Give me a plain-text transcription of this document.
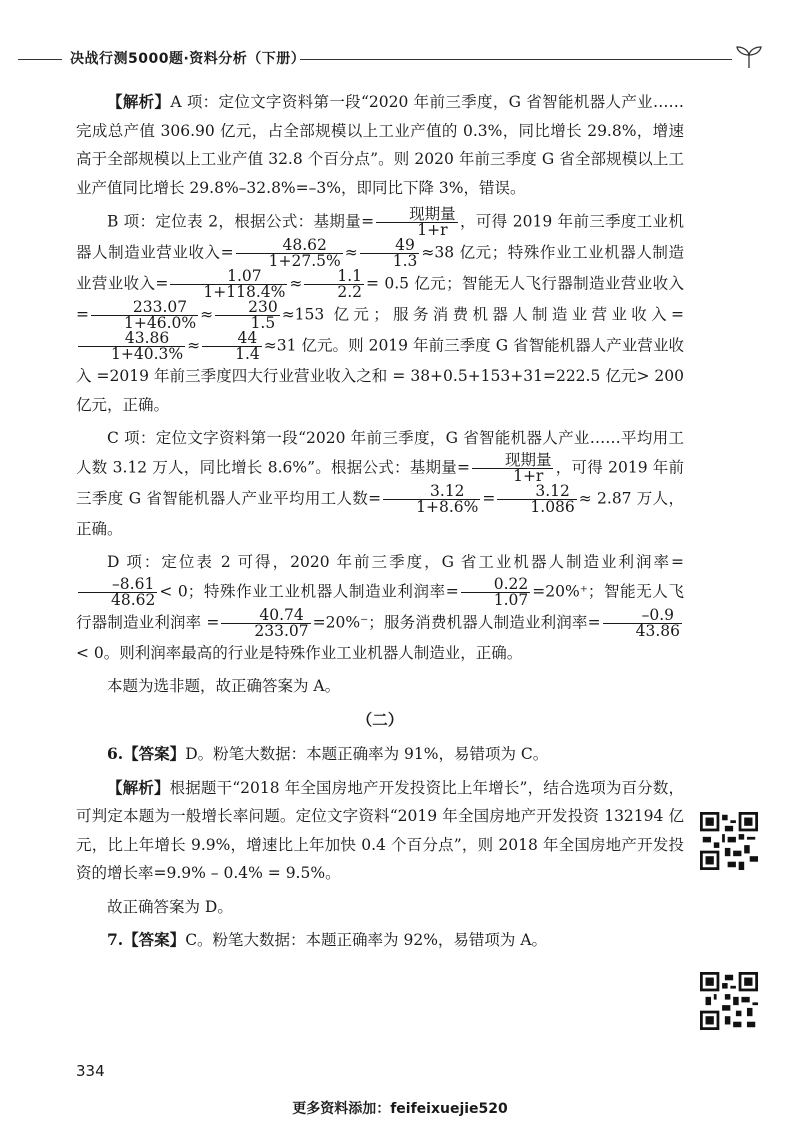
决战行测5000题·资料分析（下册）

【解析】A 项：定位文字资料第一段“2020 年前三季度，G 省智能机器人产业……完成总产值 306.90 亿元，占全部规模以上工业产值的 0.3%，同比增长 29.8%，增速高于全部规模以上工业产值 32.8 个百分点”。则 2020 年前三季度 G 省全部规模以上工业产值同比增长 29.8%–32.8%=–3%，即同比下降 3%，错误。

B 项：定位表 2，根据公式：基期量= $\frac{\text{现期量}}{1+r}$ ，可得 2019 年前三季度工业机器人制造业营业收入= $\frac{48.62}{1+27.5\%} \approx \frac{49}{1.3} \approx 38$ 亿元；特殊作业工业机器人制造业营业收入= $\frac{1.07}{1+118.4\%} \approx \frac{1.1}{2.2} = 0.5$ 亿元；智能无人飞行器制造业营业收入= $\frac{233.07}{1+46.0\%} \approx \frac{230}{1.5} \approx 153$ 亿元；服务消费机器人制造业营业收入=
$\frac{43.86}{1+40.3\%} \approx \frac{44}{1.4} \approx 31$ 亿元。则 2019 年前三季度 G 省智能机器人产业营业收入 =2019 年前三季度四大行业营业收入之和 = 38+0.5+153+31=222.5 亿元> 200 亿元，正确。

C 项：定位文字资料第一段“2020 年前三季度，G 省智能机器人产业……平均用工人数 3.12 万人，同比增长 8.6%”。根据公式：基期量= $\frac{\text{现期量}}{1+r}$ ，可得 2019 年前三季度 G 省智能机器人产业平均用工人数= $\frac{3.12}{1+8.6\%} = \frac{3.12}{1.086} \approx 2.87$ 万人，正确。

D 项：定位表 2 可得，2020 年前三季度，G 省工业机器人制造业利润率=
$\frac{-8.61}{48.62} < 0$；特殊作业工业机器人制造业利润率= $\frac{0.22}{1.07} =20\%^+$；智能无人飞行器制造业利润率 = $\frac{40.74}{233.07} =20\%^-$；服务消费机器人制造业利润率= $\frac{-0.9}{43.86}$
< 0。则利润率最高的行业是特殊作业工业机器人制造业，正确。

本题为选非题，故正确答案为 A。

（二）

6.【答案】D。粉笔大数据：本题正确率为 91%，易错项为 C。

【解析】根据题干“2018 年全国房地产开发投资比上年增长”，结合选项为百分数，可判定本题为一般增长率问题。定位文字资料“2019 年全国房地产开发投资 132194 亿元，比上年增长 9.9%，增速比上年加快 0.4 个百分点”，则 2018 年全国房地产开发投资的增长率=9.9% – 0.4% = 9.5%。

故正确答案为 D。

7.【答案】C。粉笔大数据：本题正确率为 92%，易错项为 A。

334
更多资料添加：feifeixuejie520
